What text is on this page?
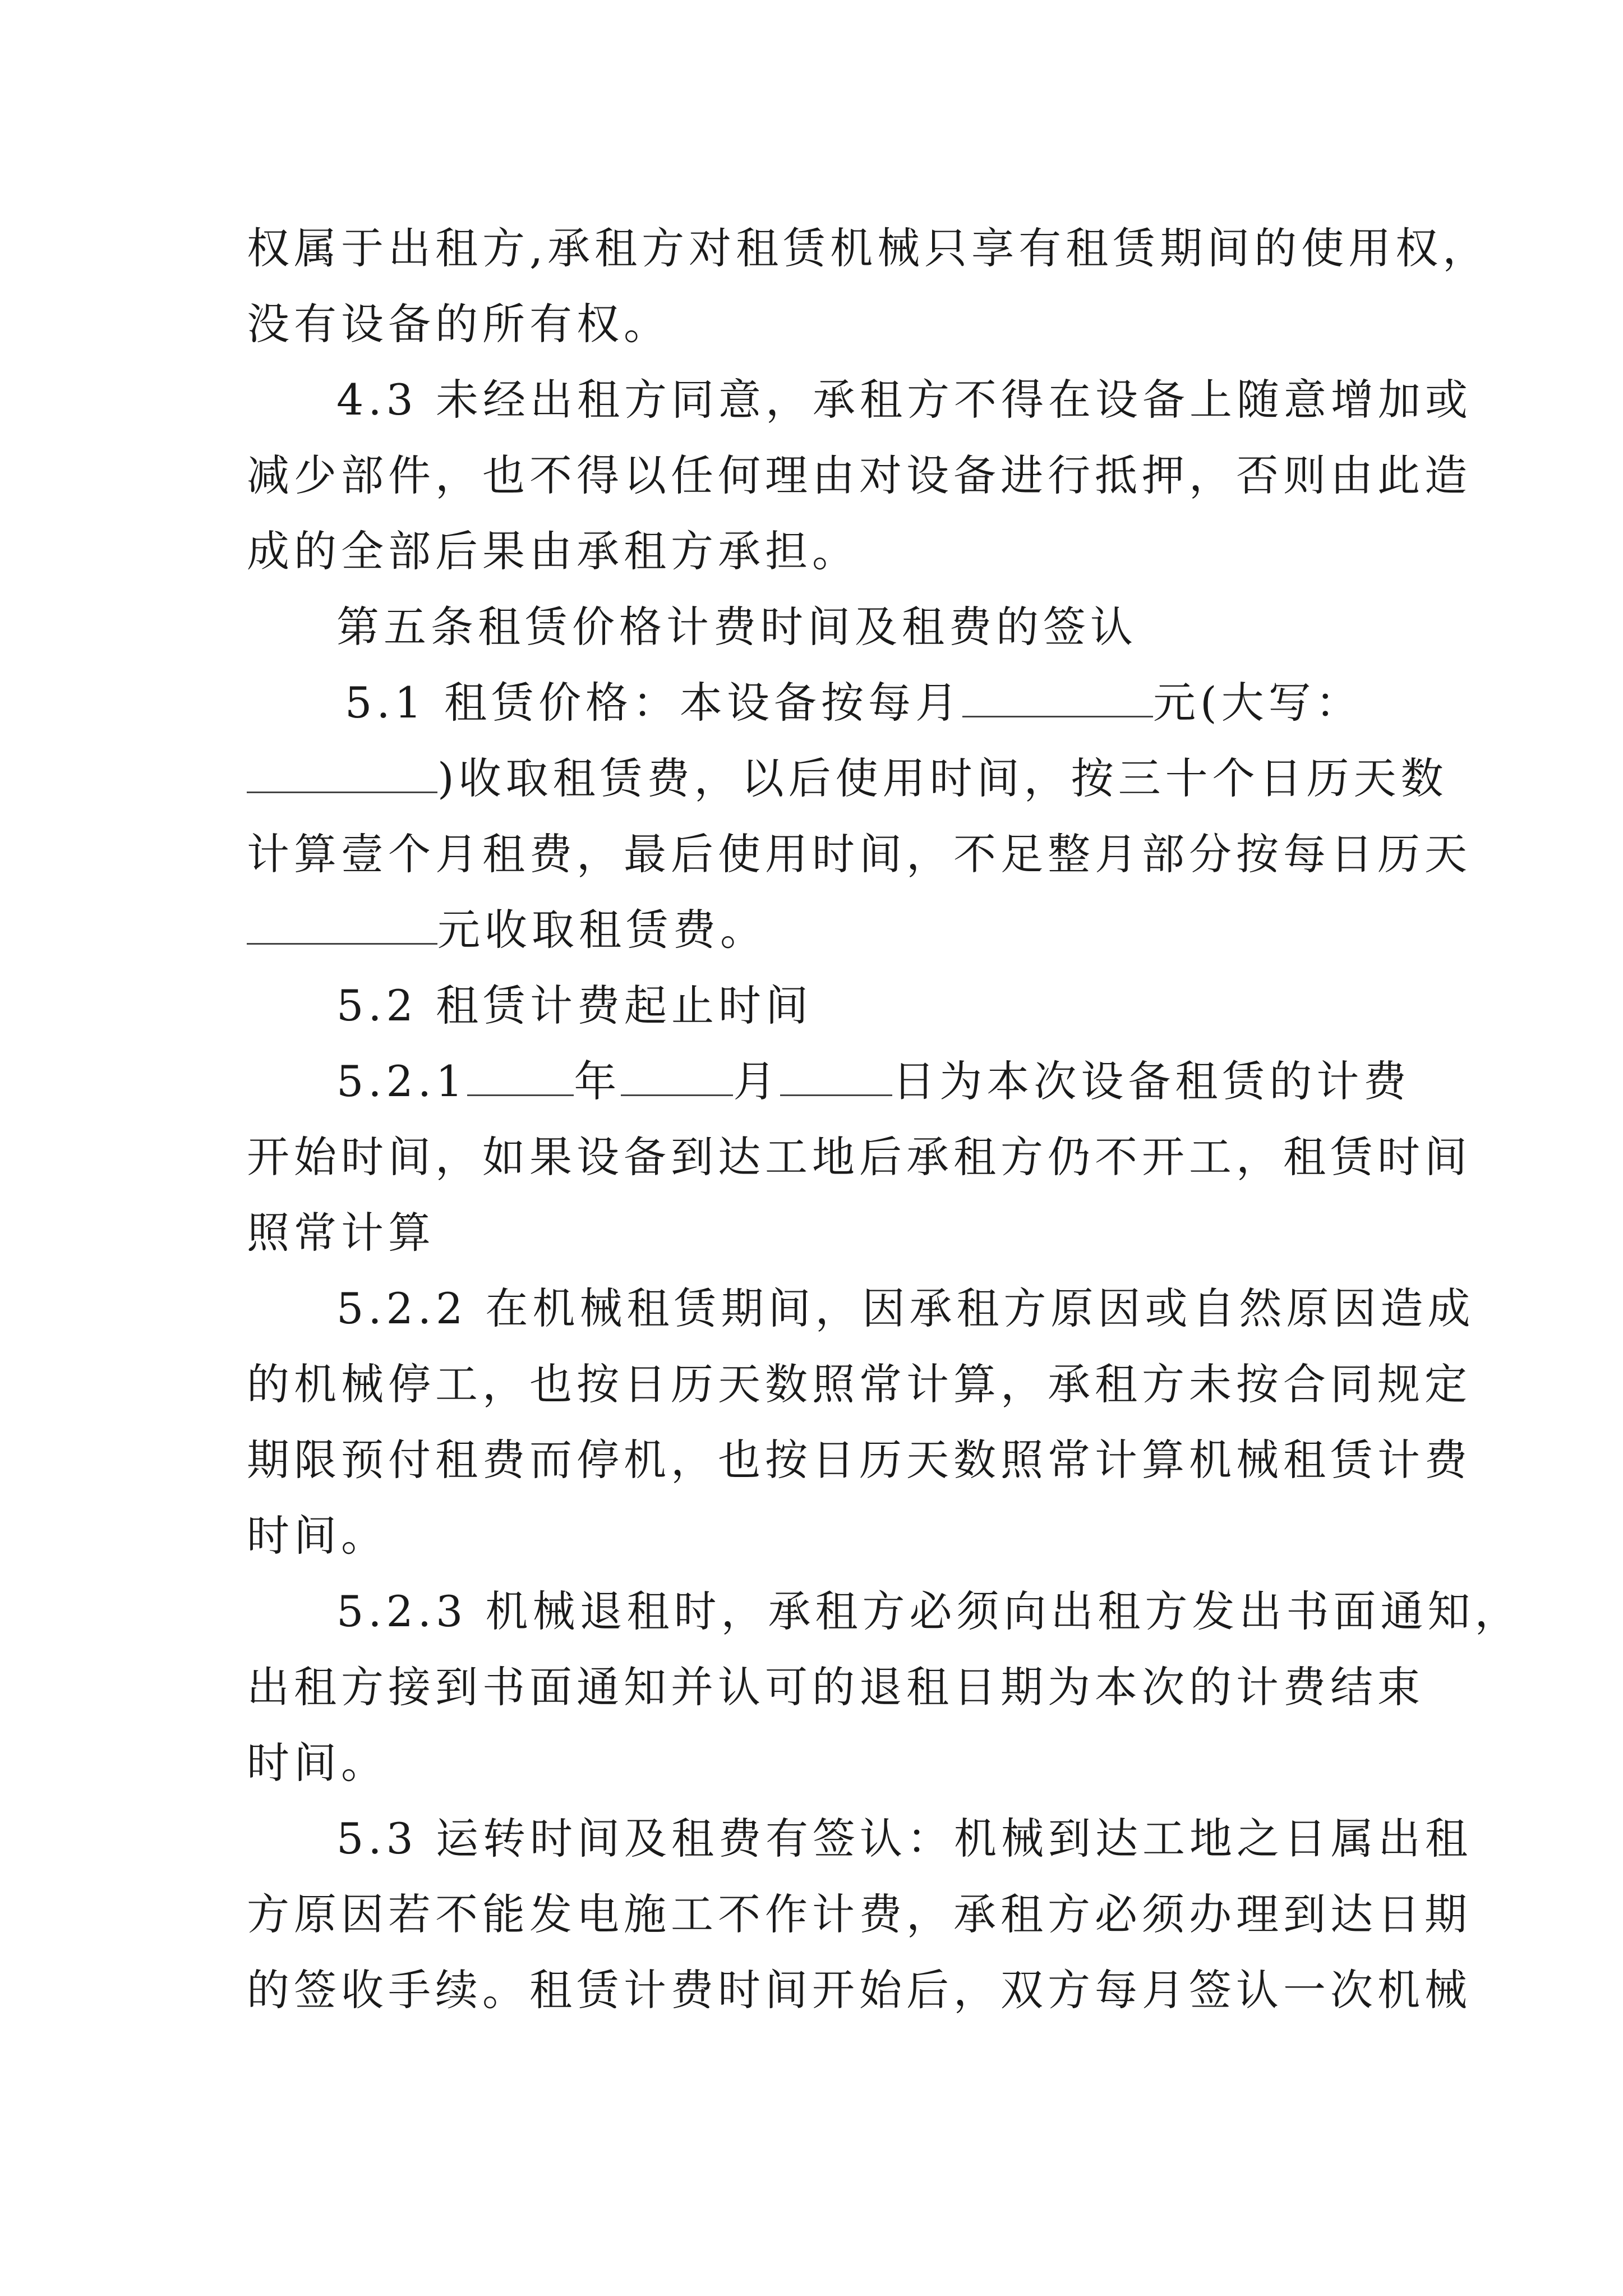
权属于出租方,承租方对租赁机械只享有租赁期间的使用权，
没有设备的所有权。
4.3 未经出租方同意，承租方不得在设备上随意增加或
减少部件，也不得以任何理由对设备进行抵押，否则由此造
成的全部后果由承租方承担。
第五条租赁价格计费时间及租费的签认
5.1 租赁价格：本设备按每月	元(大写：
)收取租赁费，以后使用时间，按三十个日历天数
计算壹个月租费，最后使用时间，不足整月部分按每日历天
元收取租赁费。
5.2 租赁计费起止时间
5.2.1	年	月	日为本次设备租赁的计费
开始时间，如果设备到达工地后承租方仍不开工，租赁时间
照常计算
5.2.2 在机械租赁期间，因承租方原因或自然原因造成
的机械停工，也按日历天数照常计算，承租方未按合同规定
期限预付租费而停机，也按日历天数照常计算机械租赁计费
时间。
5.2.3 机械退租时，承租方必须向出租方发出书面通知，
出租方接到书面通知并认可的退租日期为本次的计费结束
时间。
5.3 运转时间及租费有签认：机械到达工地之日属出租
方原因若不能发电施工不作计费，承租方必须办理到达日期
的签收手续。租赁计费时间开始后，双方每月签认一次机械
